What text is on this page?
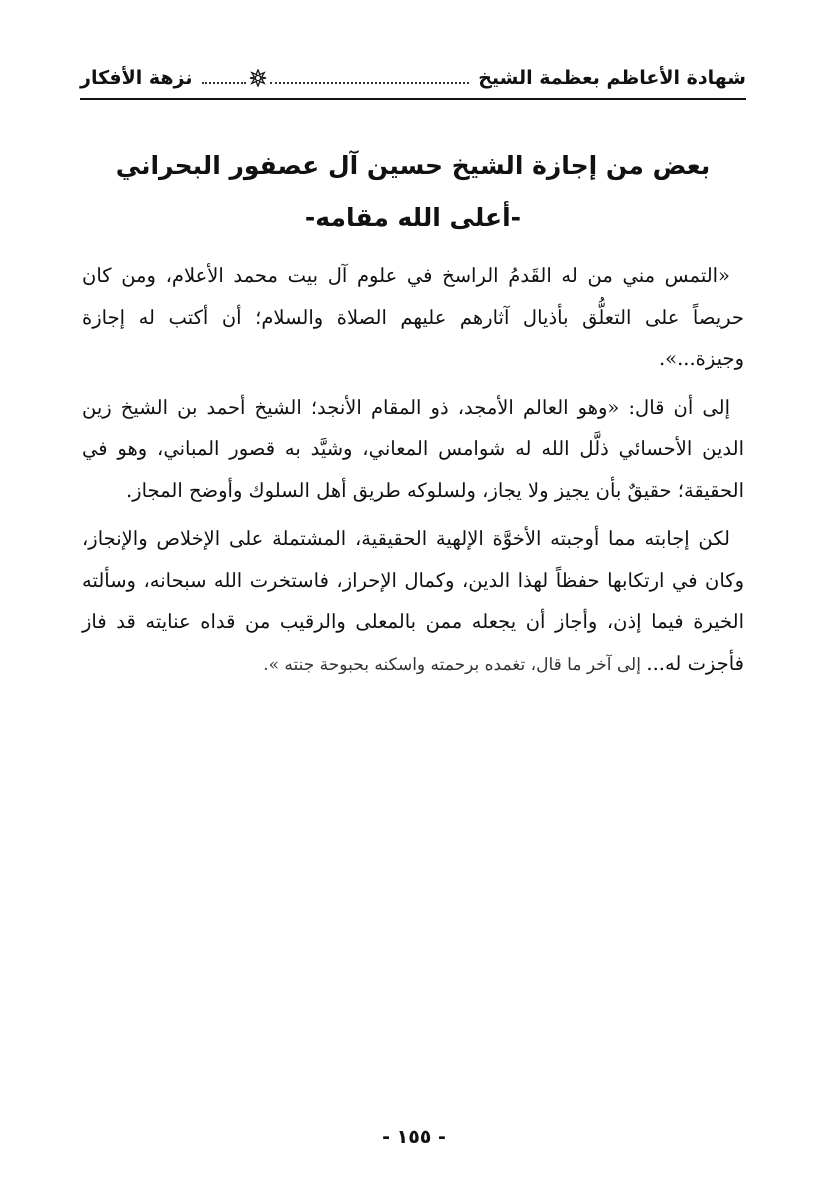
نزهة الأفكار	شهادة الأعاظم بعظمة الشيخ
بعض من إجازة الشيخ حسين آل عصفور البحراني
-أعلى الله مقامه-

«التمس مني من له القَدمُ الراسخ في علوم آل بيت محمد الأعلام، ومن كان حريصاً على التعلُّق بأذيال آثارهم عليهم الصلاة والسلام؛ أن أكتب له إجازة وجيزة...».

إلى أن قال: «وهو العالم الأمجد، ذو المقام الأنجد؛ الشيخ أحمد بن الشيخ زين الدين الأحسائي ذلَّل الله له شوامس المعاني، وشيَّد به قصور المباني، وهو في الحقيقة؛ حقيقٌ بأن يجيز ولا يجاز، ولسلوكه طريق أهل السلوك وأوضح المجاز.

لكن إجابته مما أوجبته الأخوَّة الإلهية الحقيقية، المشتملة على الإخلاص والإنجاز، وكان في ارتكابها حفظاً لهذا الدين، وكمال الإحراز، فاستخرت الله سبحانه، وسألته الخيرة فيما إذن، وأجاز أن يجعله ممن بالمعلى والرقيب من قداه عنايته قد فاز فأجزت له... إلى آخر ما قال، تغمده برحمته واسكنه بحبوحة جنته ».

- ١٥٥ -
